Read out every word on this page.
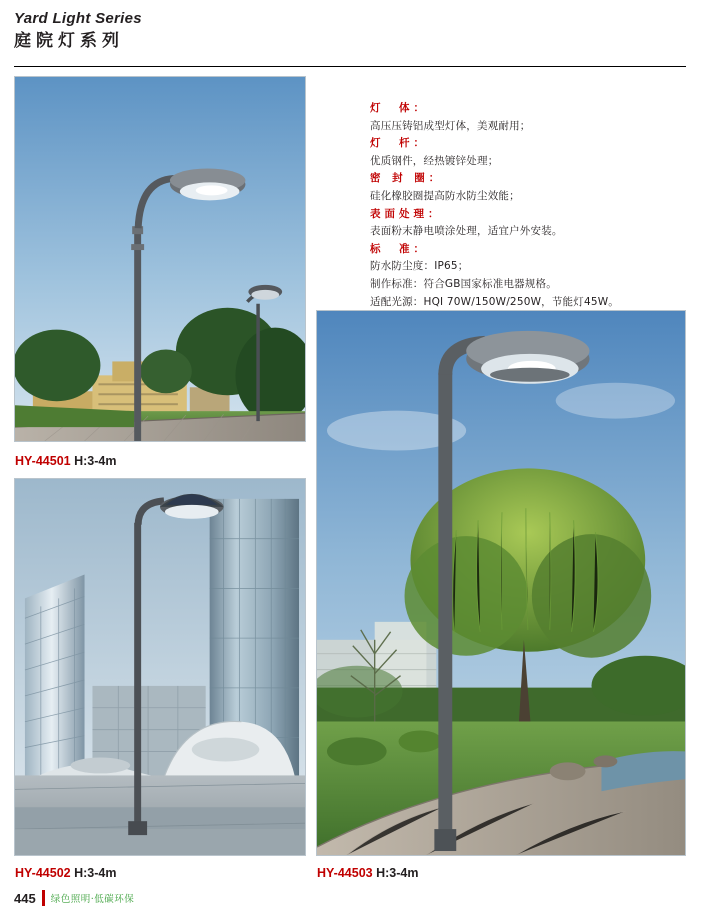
Yard Light Series
庭院灯系列
HY-44501 H:3-4m
HY-44502 H:3-4m	HY-44503 H:3-4m
灯　体：
高压压铸铝成型灯体，美观耐用；
灯　杆：
优质钢件，经热镀锌处理；
密 封 圈：
硅化橡胶圈提高防水防尘效能；
表面处理：
表面粉末静电喷涂处理，适宜户外安装。
标　准：
防水防尘度：IP65；
制作标准：符合GB国家标准电器规格。
适配光源：HQI 70W/150W/250W，节能灯45W。
445 绿色照明·低碳环保
